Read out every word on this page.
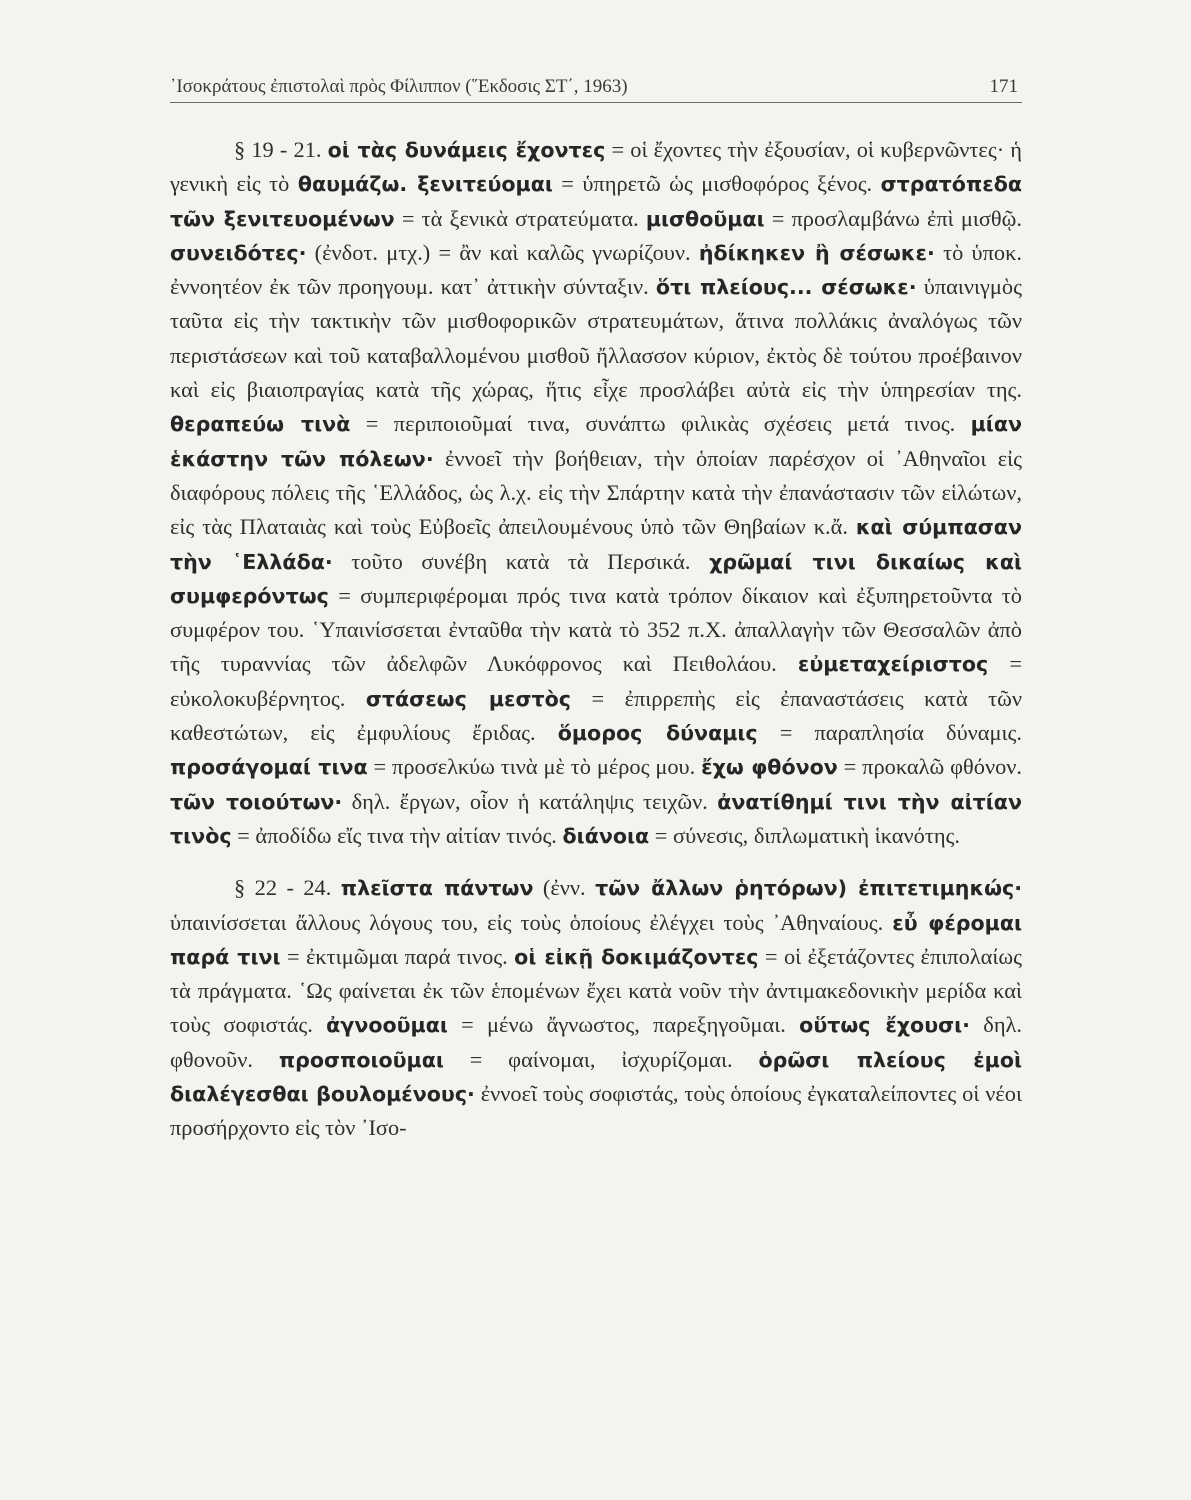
᾿Ισοκράτους ἐπιστολαὶ πρὸς Φίλιππον (῞Εκδοσις ΣΤ΄, 1963)	171

§ 19 - 21. οἱ τὰς δυνάμεις ἔχοντες = οἱ ἔχοντες τὴν ἐξουσίαν, οἱ κυβερνῶντες· ἡ γενικὴ εἰς τὸ θαυμάζω. ξενιτεύομαι = ὑπηρετῶ ὡς μισθοφόρος ξένος. στρατόπεδα τῶν ξενιτευομένων = τὰ ξενικὰ στρατεύματα. μισθοῦμαι = προσλαμβάνω ἐπὶ μισθῷ. συνειδότες· (ἐνδοτ. μτχ.) = ἂν καὶ καλῶς γνωρίζουν. ἠδίκηκεν ἢ σέσωκε· τὸ ὑποκ. ἐννοητέον ἐκ τῶν προηγουμ. κατ᾿ ἀττικὴν σύνταξιν. ὅτι πλείους... σέσωκε· ὑπαινιγμὸς ταῦτα εἰς τὴν τακτικὴν τῶν μισθοφορικῶν στρατευμάτων, ἅτινα πολλάκις ἀναλόγως τῶν περιστάσεων καὶ τοῦ καταβαλλομένου μισθοῦ ἤλλασσον κύριον, ἐκτὸς δὲ τούτου προέβαινον καὶ εἰς βιαιοπραγίας κατὰ τῆς χώρας, ἥτις εἶχε προσλάβει αὐτὰ εἰς τὴν ὑπηρεσίαν της. θεραπεύω τινὰ = περιποιοῦμαί τινα, συνάπτω φιλικὰς σχέσεις μετά τινος. μίαν ἑκάστην τῶν πόλεων· ἐννοεῖ τὴν βοήθειαν, τὴν ὁποίαν παρέσχον οἱ ᾿Αθηναῖοι εἰς διαφόρους πόλεις τῆς ῾Ελλάδος, ὡς λ.χ. εἰς τὴν Σπάρτην κατὰ τὴν ἐπανάστασιν τῶν εἱλώτων, εἰς τὰς Πλαταιὰς καὶ τοὺς Εὐβοεῖς ἀπειλουμένους ὑπὸ τῶν Θηβαίων κ.ἄ. καὶ σύμπασαν τὴν ῾Ελλάδα· τοῦτο συνέβη κατὰ τὰ Περσικά. χρῶμαί τινι δικαίως καὶ συμφερόντως = συμπεριφέρομαι πρός τινα κατὰ τρόπον δίκαιον καὶ ἐξυπηρετοῦντα τὸ συμφέρον του. ῾Υπαινίσσεται ἐνταῦθα τὴν κατὰ τὸ 352 π.Χ. ἀπαλλαγὴν τῶν Θεσσαλῶν ἀπὸ τῆς τυραννίας τῶν ἀδελφῶν Λυκόφρονος καὶ Πειθολάου. εὐμεταχείριστος = εὐκολοκυβέρνητος. στάσεως μεστὸς = ἐπιρρεπὴς εἰς ἐπαναστάσεις κατὰ τῶν καθεστώτων, εἰς ἐμφυλίους ἔριδας. ὅμορος δύναμις = παραπλησία δύναμις. προσάγομαί τινα = προσελκύω τινὰ μὲ τὸ μέρος μου. ἔχω φθόνον = προκαλῶ φθόνον. τῶν τοιούτων· δηλ. ἔργων, οἷον ἡ κατάληψις τειχῶν. ἀνατίθημί τινι τὴν αἰτίαν τινὸς = ἀποδίδω εἴς τινα τὴν αἰτίαν τινός. διάνοια = σύνεσις, διπλωματικὴ ἱκανότης.

§ 22 - 24. πλεῖστα πάντων (ἐνν. τῶν ἄλλων ῥητόρων) ἐπιτετιμηκώς· ὑπαινίσσεται ἄλλους λόγους του, εἰς τοὺς ὁποίους ἐλέγχει τοὺς ᾿Αθηναίους. εὖ φέρομαι παρά τινι = ἐκτιμῶμαι παρά τινος. οἱ εἰκῇ δοκιμάζοντες = οἱ ἐξετάζοντες ἐπιπολαίως τὰ πράγματα. ῾Ως φαίνεται ἐκ τῶν ἑπομένων ἔχει κατὰ νοῦν τὴν ἀντιμακεδονικὴν μερίδα καὶ τοὺς σοφιστάς. ἀγνοοῦμαι = μένω ἄγνωστος, παρεξηγοῦμαι. οὕτως ἔχουσι· δηλ. φθονοῦν. προσποιοῦμαι = φαίνομαι, ἰσχυρίζομαι. ὁρῶσι πλείους ἐμοὶ διαλέγεσθαι βουλομένους· ἐννοεῖ τοὺς σοφιστάς, τοὺς ὁποίους ἐγκαταλείποντες οἱ νέοι προσήρχοντο εἰς τὸν ᾿Ισο-
